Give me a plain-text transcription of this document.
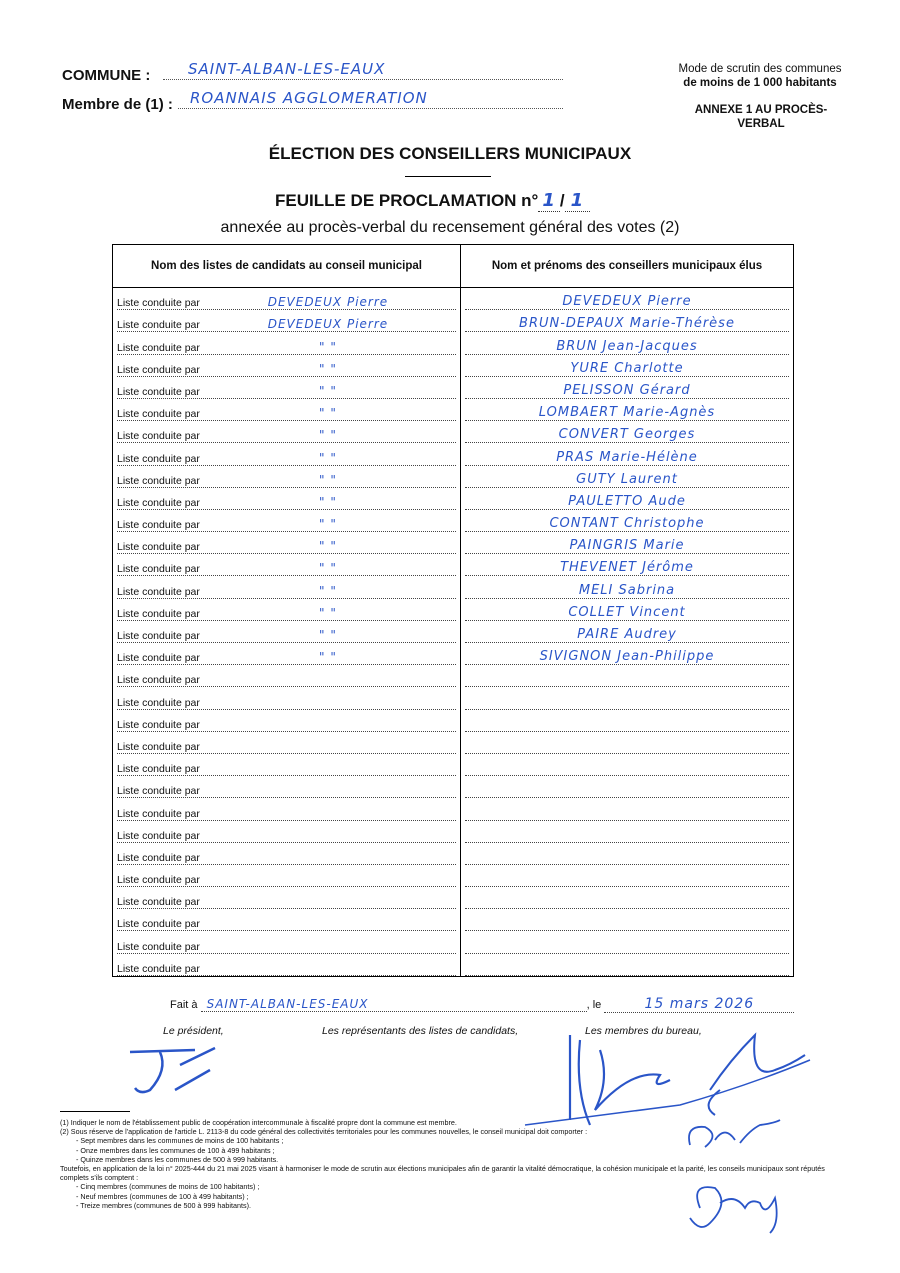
COMMUNE :	SAINT-ALBAN-LES-EAUX
Membre de (1) :	ROANNAIS AGGLOMERATION
Mode de scrutin des communes
de moins de 1 000 habitants
ANNEXE 1 AU PROCÈS-VERBAL
ÉLECTION DES CONSEILLERS MUNICIPAUX
FEUILLE DE PROCLAMATION n° 1 / 1
annexée au procès-verbal du recensement général des votes (2)
Nom des listes de candidats au conseil municipal	Nom et prénoms des conseillers municipaux élus

Liste conduite par DEVEDEUX Pierre	DEVEDEUX Pierre

Liste conduite par DEVEDEUX Pierre	BRUN-DEPAUX Marie-Thérèse

Liste conduite par " "	BRUN Jean-Jacques

Liste conduite par " "	YURE Charlotte

Liste conduite par " "	PELISSON Gérard

Liste conduite par " "	LOMBAERT Marie-Agnès

Liste conduite par " "	CONVERT Georges

Liste conduite par " "	PRAS Marie-Hélène

Liste conduite par " "	GUTY Laurent

Liste conduite par " "	PAULETTO Aude

Liste conduite par " "	CONTANT Christophe

Liste conduite par " "	PAINGRIS Marie

Liste conduite par " "	THEVENET Jérôme

Liste conduite par " "	MÉLI Sabrina

Liste conduite par " "	COLLET Vincent

Liste conduite par " "	PAIRE Audrey

Liste conduite par " "	SIVIGNON Jean-Philippe

Liste conduite par	

Liste conduite par	

Liste conduite par	

Liste conduite par	

Liste conduite par	

Liste conduite par	

Liste conduite par	

Liste conduite par	

Liste conduite par	

Liste conduite par	

Liste conduite par	

Liste conduite par	

Liste conduite par	

Liste conduite par	

Fait à SAINT-ALBAN-LES-EAUX	, le	15 mars 2026
Le président,	Les représentants des listes de candidats,	Les membres du bureau,
(1) Indiquer le nom de l'établissement public de coopération intercommunale à fiscalité propre dont la commune est membre.
(2) Sous réserve de l'application de l'article L. 2113-8 du code général des collectivités territoriales pour les communes nouvelles, le conseil municipal doit comporter :
- Sept membres dans les communes de moins de 100 habitants ;
- Onze membres dans les communes de 100 à 499 habitants ;
- Quinze membres dans les communes de 500 à 999 habitants.
Toutefois, en application de la loi n° 2025-444 du 21 mai 2025 visant à harmoniser le mode de scrutin aux élections municipales afin de garantir la vitalité démocratique, la cohésion municipale et la parité, les conseils municipaux sont réputés complets s'ils comptent :
- Cinq membres (communes de moins de 100 habitants) ;
- Neuf membres (communes de 100 à 499 habitants) ;
- Treize membres (communes de 500 à 999 habitants).
